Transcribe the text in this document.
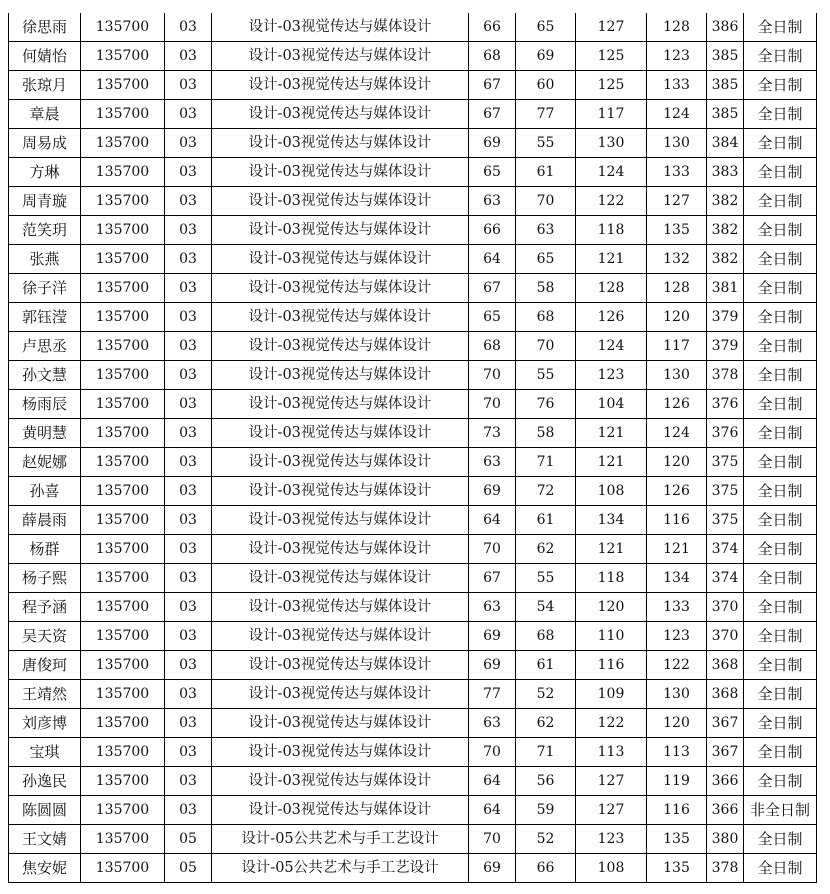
徐思雨	135700	03	设计-03视觉传达与媒体设计	66	65	127	128	386	全日制
何婧怡	135700	03	设计-03视觉传达与媒体设计	68	69	125	123	385	全日制
张琼月	135700	03	设计-03视觉传达与媒体设计	67	60	125	133	385	全日制
章晨	135700	03	设计-03视觉传达与媒体设计	67	77	117	124	385	全日制
周易成	135700	03	设计-03视觉传达与媒体设计	69	55	130	130	384	全日制
方琳	135700	03	设计-03视觉传达与媒体设计	65	61	124	133	383	全日制
周青璇	135700	03	设计-03视觉传达与媒体设计	63	70	122	127	382	全日制
范笑玥	135700	03	设计-03视觉传达与媒体设计	66	63	118	135	382	全日制
张燕	135700	03	设计-03视觉传达与媒体设计	64	65	121	132	382	全日制
徐子洋	135700	03	设计-03视觉传达与媒体设计	67	58	128	128	381	全日制
郭钰滢	135700	03	设计-03视觉传达与媒体设计	65	68	126	120	379	全日制
卢思丞	135700	03	设计-03视觉传达与媒体设计	68	70	124	117	379	全日制
孙文慧	135700	03	设计-03视觉传达与媒体设计	70	55	123	130	378	全日制
杨雨辰	135700	03	设计-03视觉传达与媒体设计	70	76	104	126	376	全日制
黄明慧	135700	03	设计-03视觉传达与媒体设计	73	58	121	124	376	全日制
赵妮娜	135700	03	设计-03视觉传达与媒体设计	63	71	121	120	375	全日制
孙喜	135700	03	设计-03视觉传达与媒体设计	69	72	108	126	375	全日制
薛晨雨	135700	03	设计-03视觉传达与媒体设计	64	61	134	116	375	全日制
杨群	135700	03	设计-03视觉传达与媒体设计	70	62	121	121	374	全日制
杨子熙	135700	03	设计-03视觉传达与媒体设计	67	55	118	134	374	全日制
程予涵	135700	03	设计-03视觉传达与媒体设计	63	54	120	133	370	全日制
吴天资	135700	03	设计-03视觉传达与媒体设计	69	68	110	123	370	全日制
唐俊珂	135700	03	设计-03视觉传达与媒体设计	69	61	116	122	368	全日制
王靖然	135700	03	设计-03视觉传达与媒体设计	77	52	109	130	368	全日制
刘彦博	135700	03	设计-03视觉传达与媒体设计	63	62	122	120	367	全日制
宝琪	135700	03	设计-03视觉传达与媒体设计	70	71	113	113	367	全日制
孙逸民	135700	03	设计-03视觉传达与媒体设计	64	56	127	119	366	全日制
陈圆圆	135700	03	设计-03视觉传达与媒体设计	64	59	127	116	366	非全日制
王文婧	135700	05	设计-05公共艺术与手工艺设计	70	52	123	135	380	全日制
焦安妮	135700	05	设计-05公共艺术与手工艺设计	69	66	108	135	378	全日制
